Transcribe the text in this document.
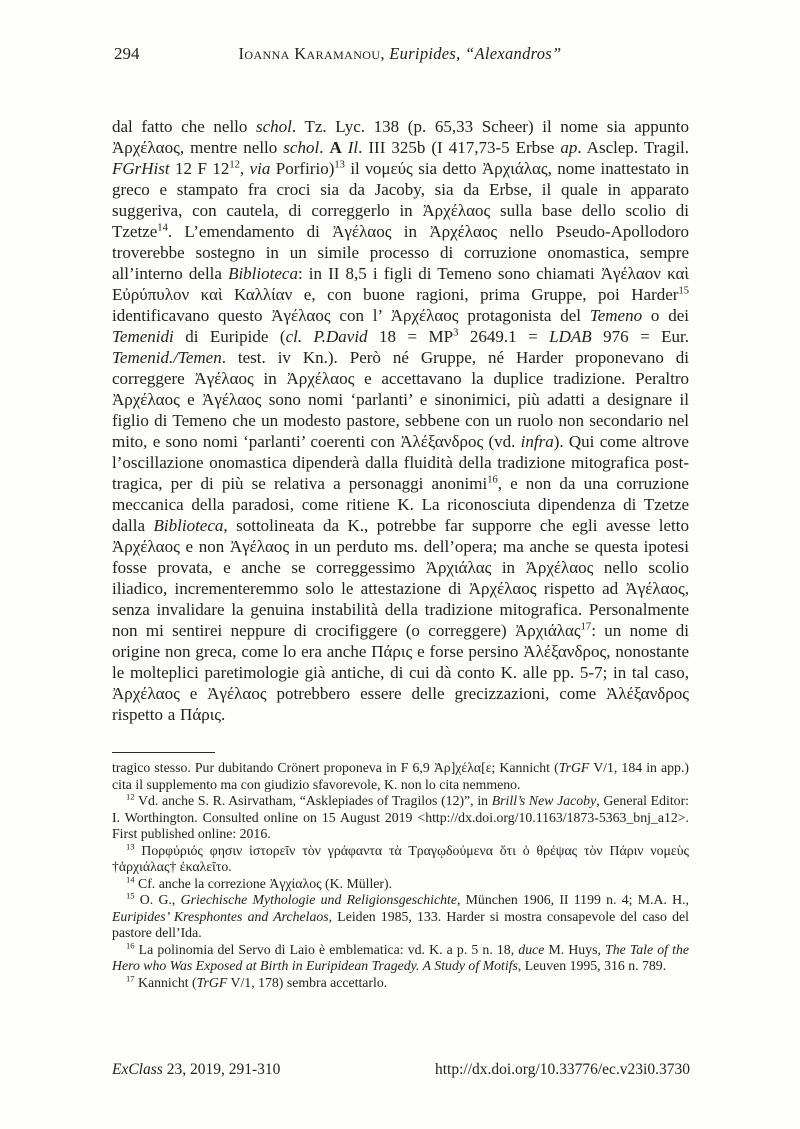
294	Ioanna Karamanou, Euripides, “Alexandros”
dal fatto che nello schol. Tz. Lyc. 138 (p. 65,33 Scheer) il nome sia appunto Ἀρχέλαος, mentre nello schol. A Il. III 325b (I 417,73-5 Erbse ap. Asclep. Tragil. FGrHist 12 F $12^{12}$, via Porfirio)$^{13}$ il νομεύς sia detto Ἀρχιάλας, nome inattestato in greco e stampato fra croci sia da Jacoby, sia da Erbse, il quale in apparato suggeriva, con cautela, di correggerlo in Ἀρχέλαος sulla base dello scolio di Tzetze$^{14}$. L’emendamento di Ἀγέλαος in Ἀρχέλαος nello Pseudo-Apollodoro troverebbe sostegno in un simile processo di corruzione onomastica, sempre all’interno della Biblioteca: in II 8,5 i figli di Temeno sono chiamati Ἀγέλαον καὶ Εὐρύπυλον καὶ Καλλίαν e, con buone ragioni, prima Gruppe, poi Harder$^{15}$ identificavano questo Ἀγέλαος con l’ Ἀρχέλαος protagonista del Temeno o dei Temenidi di Euripide (cl. P.David $18 = MP^3$ 2649.1 = LDAB 976 = Eur. Temenid./Temen. test. iv Kn.). Però né Gruppe, né Harder proponevano di correggere Ἀγέλαος in Ἀρχέλαος e accettavano la duplice tradizione. Peraltro Ἀρχέλαος e Ἀγέλαος sono nomi ‘parlanti’ e sinonimici, più adatti a designare il figlio di Temeno che un modesto pastore, sebbene con un ruolo non secondario nel mito, e sono nomi ‘parlanti’ coerenti con Ἀλέξανδρος (vd. infra). Qui come altrove l’oscillazione onomastica dipenderà dalla fluidità della tradizione mitografica post-tragica, per di più se relativa a personaggi anonimi$^{16}$, e non da una corruzione meccanica della paradosi, come ritiene K. La riconosciuta dipendenza di Tzetze dalla Biblioteca, sottolineata da K., potrebbe far supporre che egli avesse letto Ἀρχέλαος e non Ἀγέλαος in un perduto ms. dell’opera; ma anche se questa ipotesi fosse provata, e anche se correggessimo Ἀρχιάλας in Ἀρχέλαος nello scolio iliadico, incrementeremmo solo le attestazione di Ἀρχέλαος rispetto ad Ἀγέλαος, senza invalidare la genuina instabilità della tradizione mitografica. Personalmente non mi sentirei neppure di crocifiggere (o correggere) Ἀρχιάλας$^{17}$: un nome di origine non greca, come lo era anche Πάρις e forse persino Ἀλέξανδρος, nonostante le molteplici paretimologie già antiche, di cui dà conto K. alle pp. 5-7; in tal caso, Ἀρχέλαος e Ἀγέλαος potrebbero essere delle grecizzazioni, come Ἀλέξανδρος rispetto a Πάρις.

tragico stesso. Pur dubitando Crönert proponeva in F 6,9 Ἀρ]χέλα[ε; Kannicht (TrGF V/1, 184 in app.) cita il supplemento ma con giudizio sfavorevole, K. non lo cita nemmeno.

$^{12}$ Vd. anche S. R. Asirvatham, “Asklepiades of Tragilos (12)”, in Brill’s New Jacoby, General Editor: I. Worthington. Consulted online on 15 August 2019 <http://dx.doi.org/10.1163/1873-5363_bnj_a12>. First published online: 2016.

$^{13}$ Πορφύριός φησιν ἱστορεῖν τὸν γράφαντα τὰ Τραγῳδούμενα ὅτι ὁ θρέψας τὸν Πάριν νομεὺς †ἀρχιάλας† ἐκαλεῖτο.

$^{14}$ Cf. anche la correzione Ἀγχίαλος (K. Müller).

$^{15}$ O. G., Griechische Mythologie und Religionsgeschichte, München 1906, II 1199 n. 4; M.A. H., Euripides’ Kresphontes and Archelaos, Leiden 1985, 133. Harder si mostra consapevole del caso del pastore dell’Ida.

$^{16}$ La polinomia del Servo di Laio è emblematica: vd. K. a p. 5 n. 18, duce M. Huys, The Tale of the Hero who Was Exposed at Birth in Euripidean Tragedy. A Study of Motifs, Leuven 1995, 316 n. 789.

$^{17}$ Kannicht (TrGF V/1, 178) sembra accettarlo.

ExClass 23, 2019, 291-310	http://dx.doi.org/10.33776/ec.v23i0.3730
